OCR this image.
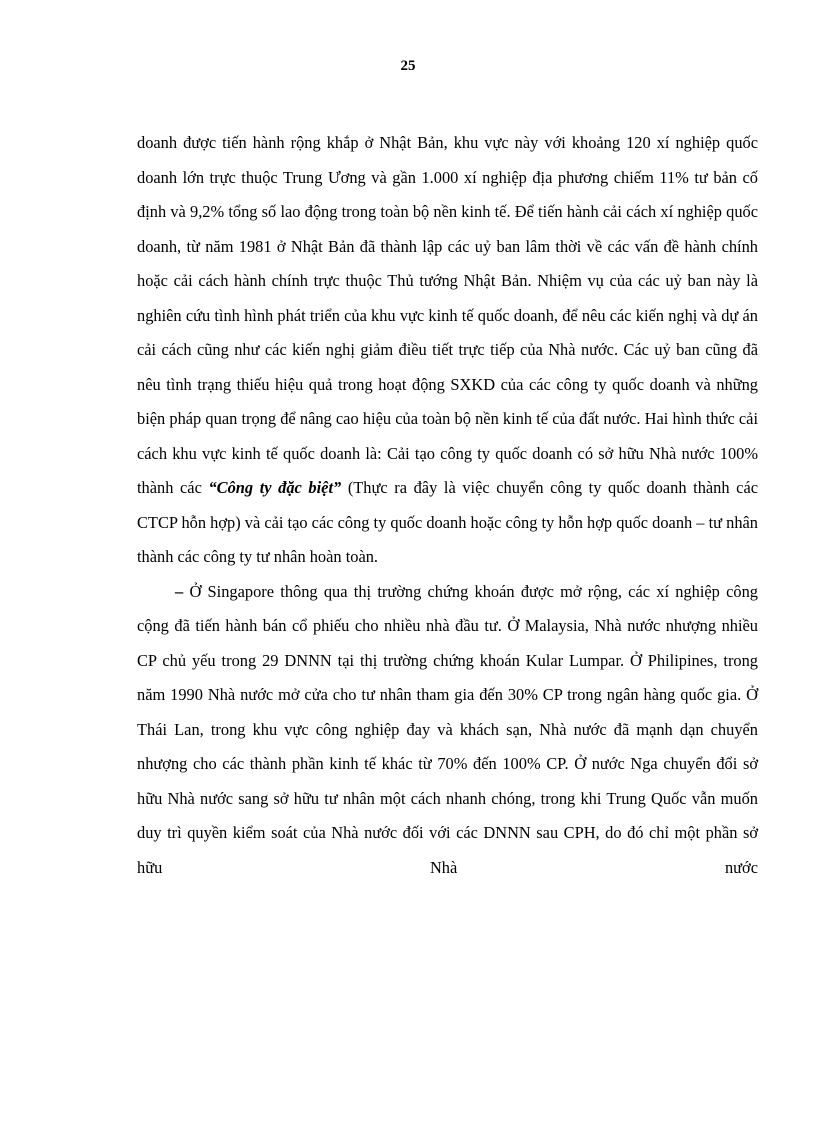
25

doanh được tiến hành rộng khắp ở Nhật Bản, khu vực này với khoảng 120 xí nghiệp quốc doanh lớn trực thuộc Trung Ương và gần 1.000 xí nghiệp địa phương chiếm 11% tư bản cố định và 9,2% tổng số lao động trong toàn bộ nền kinh tế. Để tiến hành cải cách xí nghiệp quốc doanh, từ năm 1981 ở Nhật Bản đã thành lập các uỷ ban lâm thời về các vấn đề hành chính hoặc cải cách hành chính trực thuộc Thủ tướng Nhật Bản. Nhiệm vụ của các uỷ ban này là nghiên cứu tình hình phát triển của khu vực kinh tế quốc doanh, để nêu các kiến nghị và dự án cải cách cũng như các kiến nghị giảm điều tiết trực tiếp của Nhà nước. Các uỷ ban cũng đã nêu tình trạng thiếu hiệu quả trong hoạt động SXKD của các công ty quốc doanh và những biện pháp quan trọng để nâng cao hiệu của toàn bộ nền kinh tế của đất nước. Hai hình thức cải cách khu vực kinh tế quốc doanh là: Cải tạo công ty quốc doanh có sở hữu Nhà nước 100% thành các “Công ty đặc biệt” (Thực ra đây là việc chuyển công ty quốc doanh thành các CTCP hỗn hợp) và cải tạo các công ty quốc doanh hoặc công ty hỗn hợp quốc doanh – tư nhân thành các công ty tư nhân hoàn toàn.

– Ở Singapore thông qua thị trường chứng khoán được mở rộng, các xí nghiệp công cộng đã tiến hành bán cổ phiếu cho nhiều nhà đầu tư. Ở Malaysia, Nhà nước nhượng nhiều CP chủ yếu trong 29 DNNN tại thị trường chứng khoán Kular Lumpar. Ở Philipines, trong năm 1990 Nhà nước mở cửa cho tư nhân tham gia đến 30% CP trong ngân hàng quốc gia. Ở Thái Lan, trong khu vực công nghiệp đay và khách sạn, Nhà nước đã mạnh dạn chuyển nhượng cho các thành phần kinh tế khác từ 70% đến 100% CP. Ở nước Nga chuyển đổi sở hữu Nhà nước sang sở hữu tư nhân một cách nhanh chóng, trong khi Trung Quốc vẫn muốn duy trì quyền kiểm soát của Nhà nước đối với các DNNN sau CPH, do đó chỉ một phần sở hữu Nhà nước
